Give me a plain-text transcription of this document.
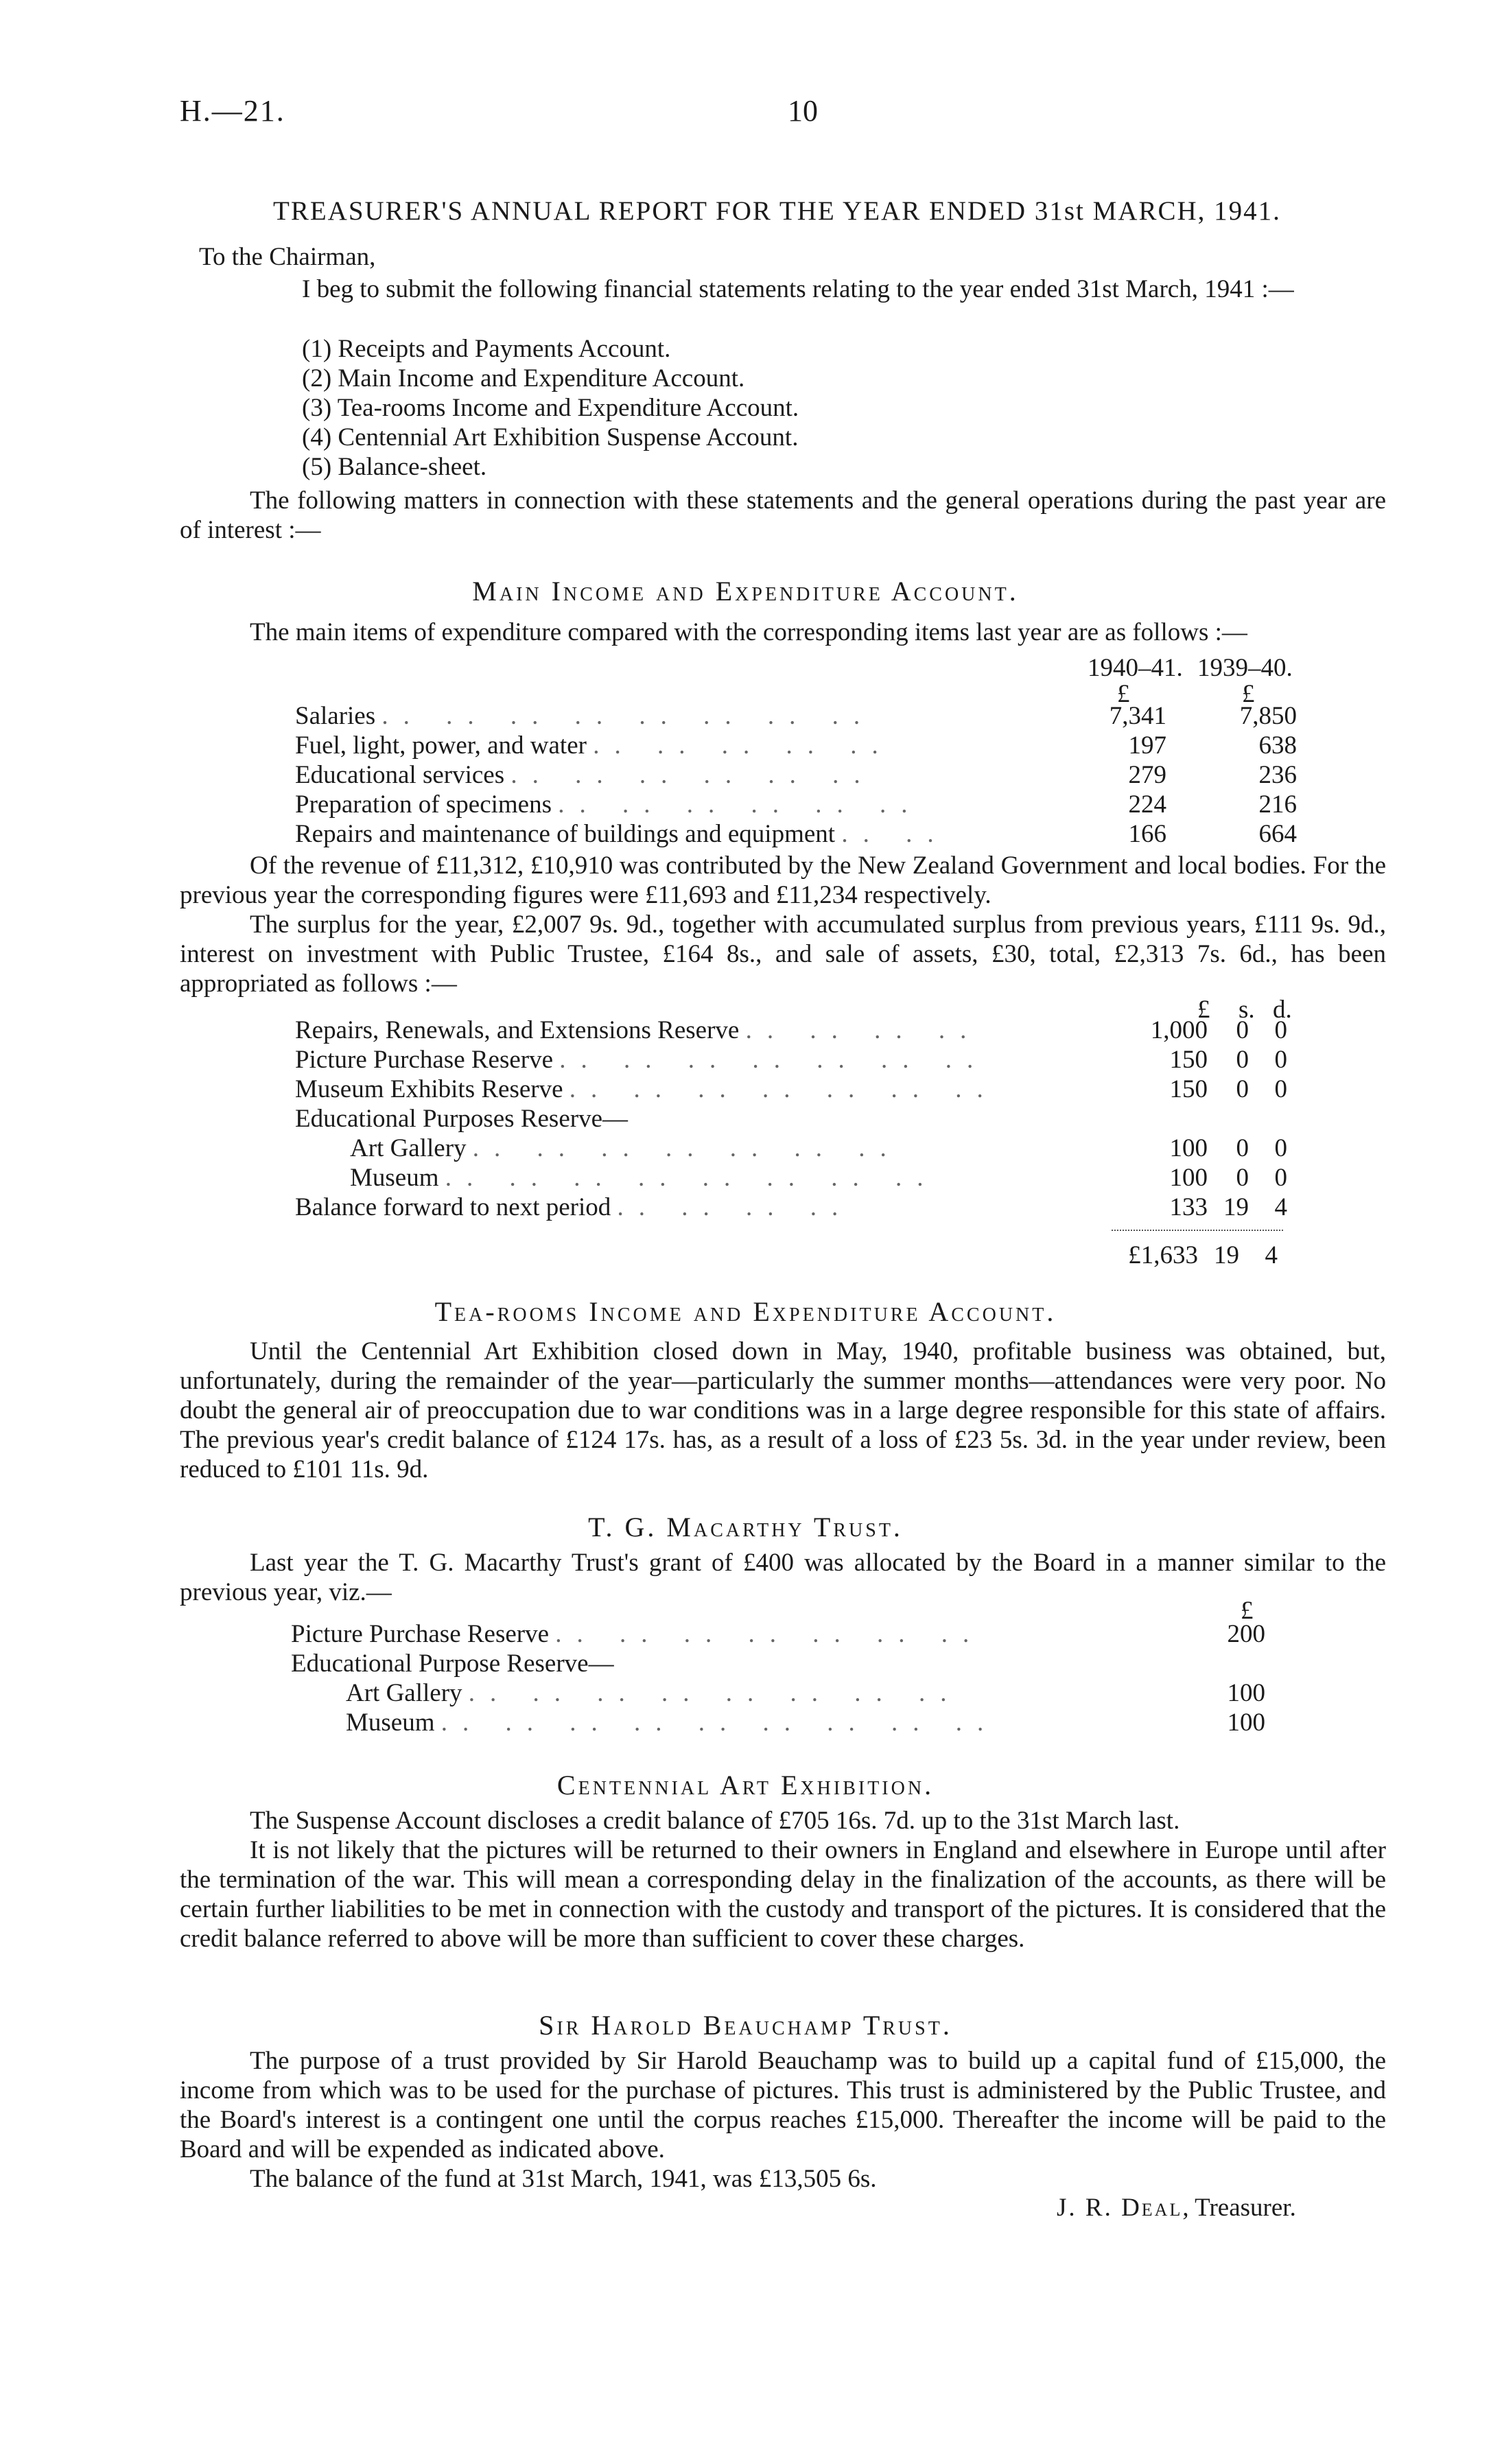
H.—21.	10
TREASURER'S ANNUAL REPORT FOR THE YEAR ENDED 31st MARCH, 1941.
To the Chairman,
I beg to submit the following financial statements relating to the year ended 31st March, 1941 :—
(1) Receipts and Payments Account.
(2) Main Income and Expenditure Account.
(3) Tea-rooms Income and Expenditure Account.
(4) Centennial Art Exhibition Suspense Account.
(5) Balance-sheet.
The following matters in connection with these statements and the general operations during the past year are of interest :—
Main Income and Expenditure Account.
The main items of expenditure compared with the corresponding items last year are as follows :—
1940–41. 1939–40.
£	£
Salaries .. .. .. .. .. .. .. ..	7,341	7,850
Fuel, light, power, and water .. .. .. .. ..	197	638
Educational services .. .. .. .. .. ..	279	236
Preparation of specimens .. .. .. .. .. ..	224	216
Repairs and maintenance of buildings and equipment .. ..	166	664
Of the revenue of £11,312, £10,910 was contributed by the New Zealand Government and local bodies. For the previous year the corresponding figures were £11,693 and £11,234 respectively.
The surplus for the year, £2,007 9s. 9d., together with accumulated surplus from previous years, £111 9s. 9d., interest on investment with Public Trustee, £164 8s., and sale of assets, £30, total, £2,313 7s. 6d., has been appropriated as follows :—
£ s. d.
Repairs, Renewals, and Extensions Reserve .. .. .. ..	1,000	0	0
Picture Purchase Reserve .. .. .. .. .. .. ..	150	0	0
Museum Exhibits Reserve .. .. .. .. .. .. ..	150	0	0
Educational Purposes Reserve—			
Art Gallery .. .. .. .. .. .. ..	100	0	0
Museum .. .. .. .. .. .. .. ..	100	0	0
Balance forward to next period .. .. .. ..	133	19	4
£1,633	19	4
Tea-rooms Income and Expenditure Account.
Until the Centennial Art Exhibition closed down in May, 1940, profitable business was obtained, but, unfortunately, during the remainder of the year—particularly the summer months—attendances were very poor. No doubt the general air of preoccupation due to war conditions was in a large degree responsible for this state of affairs. The previous year's credit balance of £124 17s. has, as a result of a loss of £23 5s. 3d. in the year under review, been reduced to £101 11s. 9d.
T. G. Macarthy Trust.
Last year the T. G. Macarthy Trust's grant of £400 was allocated by the Board in a manner similar to the previous year, viz.—
£
Picture Purchase Reserve .. .. .. .. .. .. ..	200
Educational Purpose Reserve—	
Art Gallery .. .. .. .. .. .. .. ..	100
Museum .. .. .. .. .. .. .. .. ..	100
Centennial Art Exhibition.
The Suspense Account discloses a credit balance of £705 16s. 7d. up to the 31st March last.
It is not likely that the pictures will be returned to their owners in England and elsewhere in Europe until after the termination of the war. This will mean a corresponding delay in the finalization of the accounts, as there will be certain further liabilities to be met in connection with the custody and transport of the pictures. It is considered that the credit balance referred to above will be more than sufficient to cover these charges.
Sir Harold Beauchamp Trust.
The purpose of a trust provided by Sir Harold Beauchamp was to build up a capital fund of £15,000, the income from which was to be used for the purchase of pictures. This trust is administered by the Public Trustee, and the Board's interest is a contingent one until the corpus reaches £15,000. Thereafter the income will be paid to the Board and will be expended as indicated above.
The balance of the fund at 31st March, 1941, was £13,505 6s.
J. R. Deal, Treasurer.
